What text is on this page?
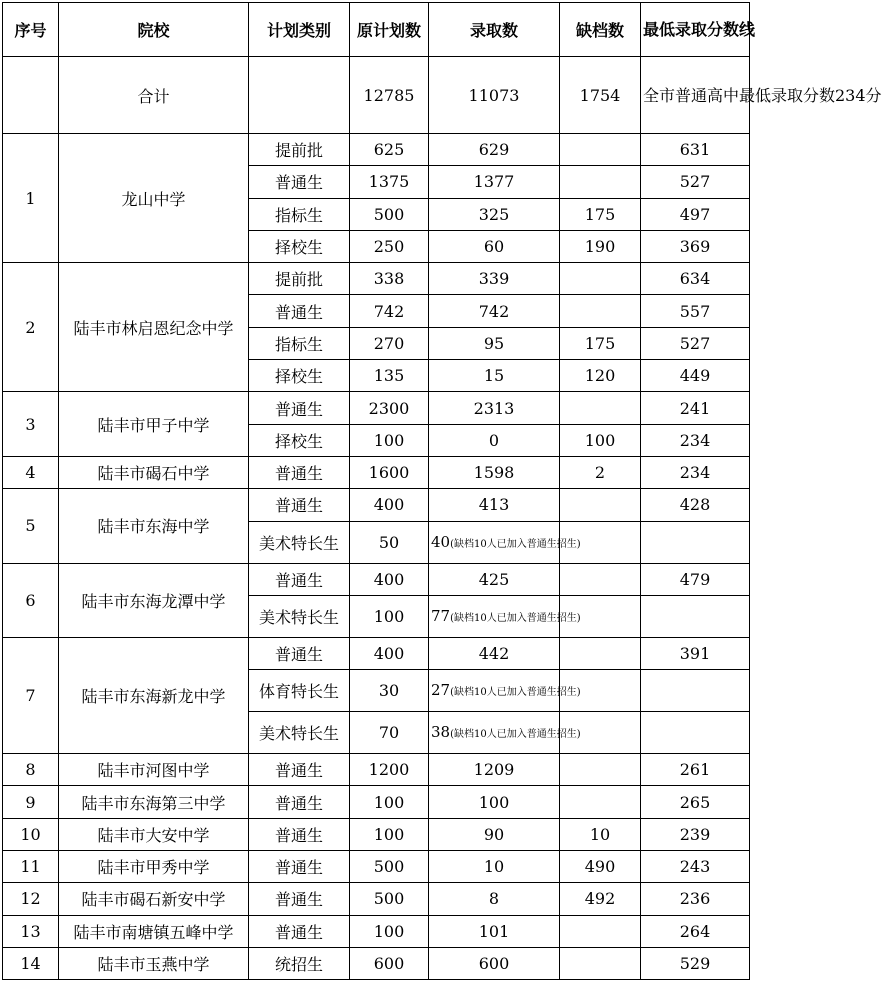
序号	院校	计划类别	原计划数	录取数	缺档数	最低录取分数线
	合计		12785	11073	1754	全市普通高中最低录取分数234分
1	龙山中学	提前批	625	629		631
		普通生	1375	1377		527
		指标生	500	325	175	497
		择校生	250	60	190	369
2	陆丰市林启恩纪念中学	提前批	338	339		634
		普通生	742	742		557
		指标生	270	95	175	527
		择校生	135	15	120	449
3	陆丰市甲子中学	普通生	2300	2313		241
		择校生	100	0	100	234
4	陆丰市碣石中学	普通生	1600	1598	2	234
5	陆丰市东海中学	普通生	400	413		428
		美术特长生	50	40(缺档10人已加入普通生招生)		
6	陆丰市东海龙潭中学	普通生	400	425		479
		美术特长生	100	77(缺档10人已加入普通生招生)		
7	陆丰市东海新龙中学	普通生	400	442		391
		体育特长生	30	27(缺档10人已加入普通生招生)		
		美术特长生	70	38(缺档10人已加入普通生招生)		
8	陆丰市河图中学	普通生	1200	1209		261
9	陆丰市东海第三中学	普通生	100	100		265
10	陆丰市大安中学	普通生	100	90	10	239
11	陆丰市甲秀中学	普通生	500	10	490	243
12	陆丰市碣石新安中学	普通生	500	8	492	236
13	陆丰市南塘镇五峰中学	普通生	100	101		264
14	陆丰市玉燕中学	统招生	600	600		529
